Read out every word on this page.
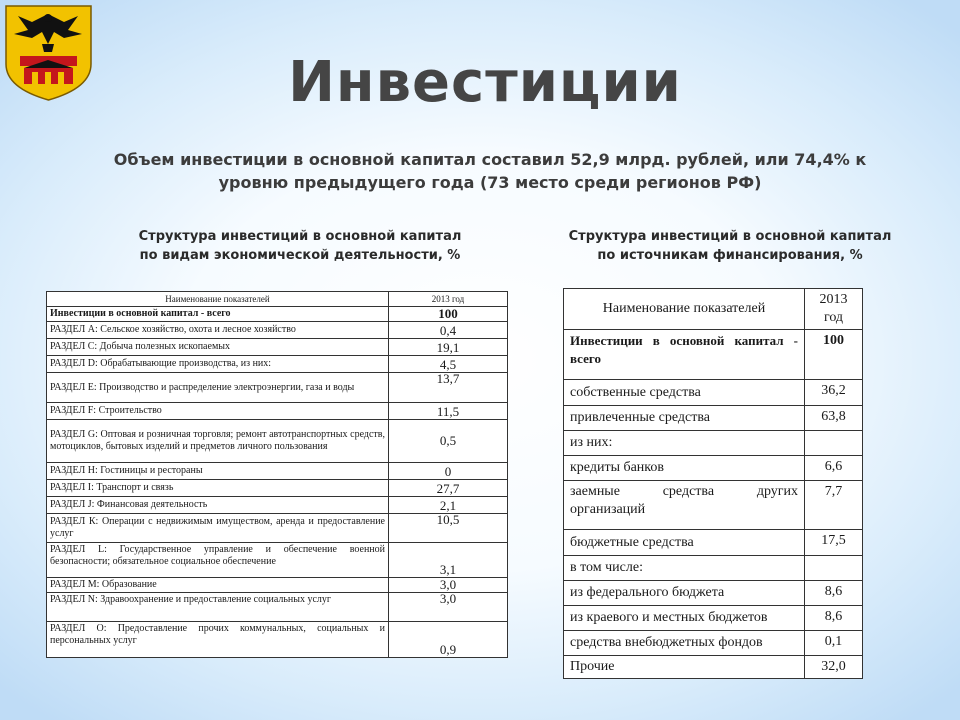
Инвестиции
Объем инвестиции в основной капитал составил 52,9 млрд. рублей, или 74,4% к
уровню предыдущего года (73 место среди регионов РФ)
Структура инвестиций в основной капитал
по видам экономической деятельности, %
Структура инвестиций в основной капитал
по источникам финансирования, %
Наименование показателей	2013 год
Инвестиции в основной капитал - всего	100
РАЗДЕЛ А: Сельское хозяйство, охота и лесное хозяйство	0,4
РАЗДЕЛ С: Добыча полезных ископаемых	19,1
РАЗДЕЛ D: Обрабатывающие производства, из них:	4,5
РАЗДЕЛ Е: Производство и распределение электроэнергии, газа и воды	13,7
РАЗДЕЛ F: Строительство	11,5
РАЗДЕЛ G: Оптовая и розничная торговля; ремонт автотранспортных средств, мотоциклов, бытовых изделий и предметов личного пользования	0,5
РАЗДЕЛ Н: Гостиницы и рестораны	0
РАЗДЕЛ I: Транспорт и связь	27,7
РАЗДЕЛ J: Финансовая деятельность	2,1
РАЗДЕЛ К: Операции с недвижимым имуществом, аренда и предоставление услуг	10,5
РАЗДЕЛ L: Государственное управление и обеспечение военной безопасности; обязательное социальное обеспечение	3,1
РАЗДЕЛ М: Образование	3,0
РАЗДЕЛ N: Здравоохранение и предоставление социальных услуг	3,0
РАЗДЕЛ О: Предоставление прочих коммунальных, социальных и персональных услуг	0,9
Наименование показателей	2013 год
Инвестиции в основной капитал - всего	100
собственные средства	36,2
привлеченные средства	63,8
из них:	
кредиты банков	6,6
заемные средства других организаций	7,7
бюджетные средства	17,5
в том числе:	
из федерального бюджета	8,6
из краевого и местных бюджетов	8,6
средства внебюджетных фондов	0,1
Прочие	32,0
